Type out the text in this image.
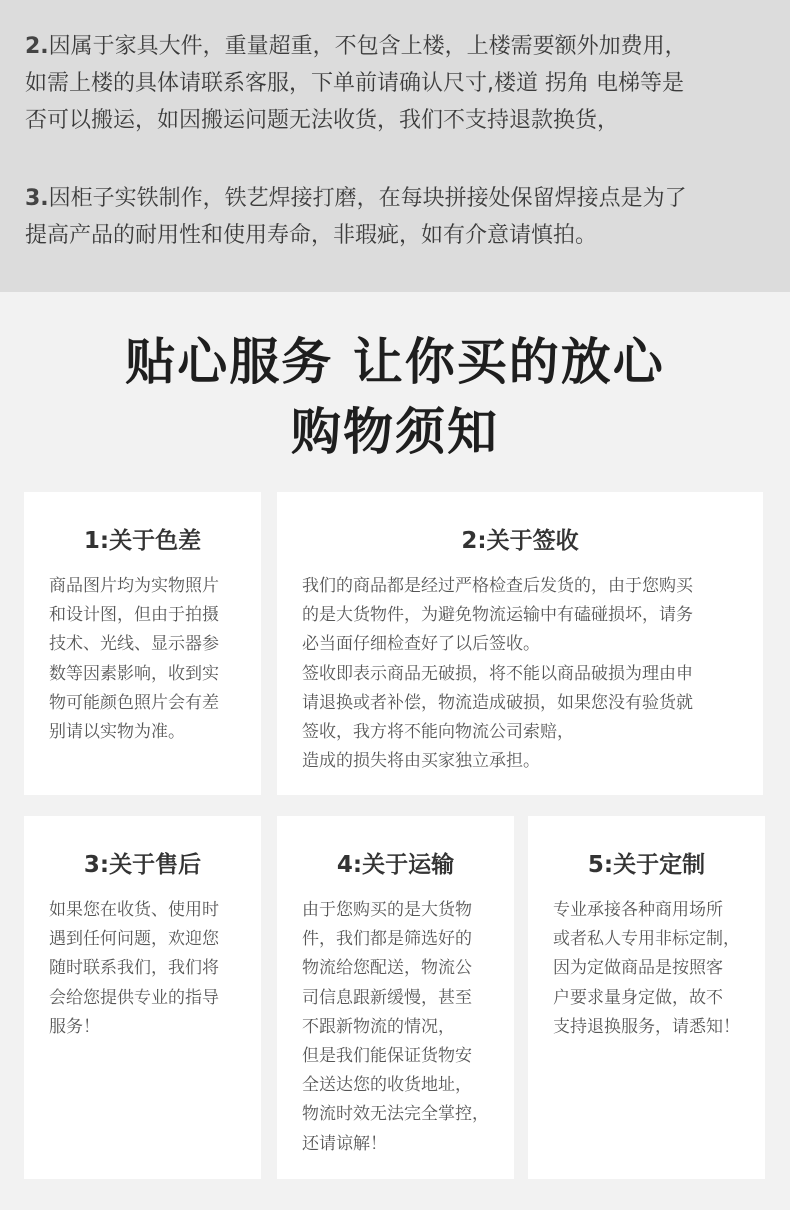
2.因属于家具大件，重量超重，不包含上楼，上楼需要额外加费用，
如需上楼的具体请联系客服，下单前请确认尺寸,楼道 拐角 电梯等是
否可以搬运，如因搬运问题无法收货，我们不支持退款换货，
3.因柜子实铁制作，铁艺焊接打磨，在每块拼接处保留焊接点是为了
提高产品的耐用性和使用寿命，非瑕疵，如有介意请慎拍。
贴心服务 让你买的放心
购物须知
1:关于色差
商品图片均为实物照片
和设计图，但由于拍摄
技术、光线、显示器参
数等因素影响，收到实
物可能颜色照片会有差
别请以实物为准。
2:关于签收
我们的商品都是经过严格检查后发货的，由于您购买
的是大货物件，为避免物流运输中有磕碰损坏，请务
必当面仔细检查好了以后签收。
签收即表示商品无破损，将不能以商品破损为理由申
请退换或者补偿，物流造成破损，如果您没有验货就
签收，我方将不能向物流公司索赔，
造成的损失将由买家独立承担。
3:关于售后
如果您在收货、使用时
遇到任何问题，欢迎您
随时联系我们，我们将
会给您提供专业的指导
服务！
4:关于运输
由于您购买的是大货物
件，我们都是筛选好的
物流给您配送，物流公
司信息跟新缓慢，甚至
不跟新物流的情况，
但是我们能保证货物安
全送达您的收货地址，
物流时效无法完全掌控，
还请谅解！
5:关于定制
专业承接各种商用场所
或者私人专用非标定制，
因为定做商品是按照客
户要求量身定做，故不
支持退换服务，请悉知！
